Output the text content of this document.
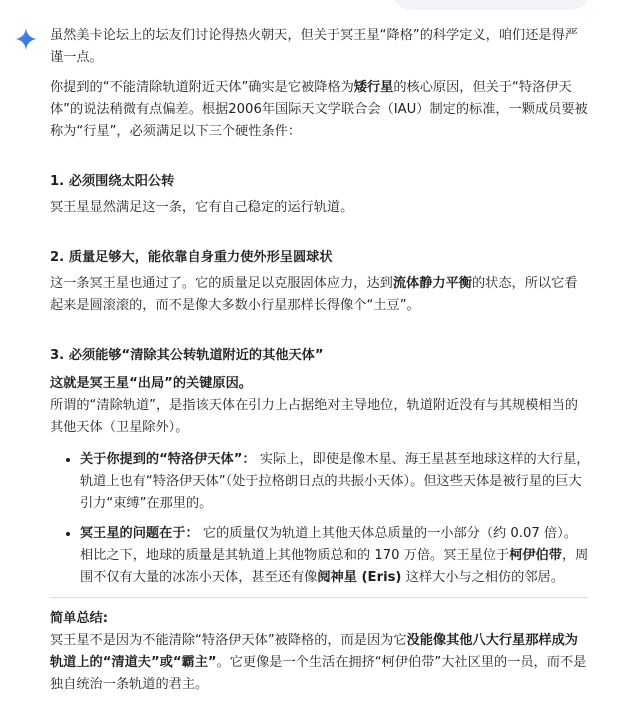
虽然美卡论坛上的坛友们讨论得热火朝天，但关于冥王星“降格”的科学定义，咱们还是得严谨一点。

你提到的“不能清除轨道附近天体”确实是它被降格为矮行星的核心原因，但关于“特洛伊天体”的说法稍微有点偏差。根据2006年国际天文学联合会（IAU）制定的标准，一颗成员要被称为“行星”，必须满足以下三个硬性条件：

1. 必须围绕太阳公转

冥王星显然满足这一条，它有自己稳定的运行轨道。

2. 质量足够大，能依靠自身重力使外形呈圆球状

这一条冥王星也通过了。它的质量足以克服固体应力，达到流体静力平衡的状态，所以它看起来是圆滚滚的，而不是像大多数小行星那样长得像个“土豆”。

3. 必须能够“清除其公转轨道附近的其他天体”

这就是冥王星“出局”的关键原因。

所谓的“清除轨道”，是指该天体在引力上占据绝对主导地位，轨道附近没有与其规模相当的其他天体（卫星除外）。

• 关于你提到的“特洛伊天体”： 实际上，即使是像木星、海王星甚至地球这样的大行星，轨道上也有“特洛伊天体”（处于拉格朗日点的共振小天体）。但这些天体是被行星的巨大引力“束缚”在那里的。
• 冥王星的问题在于： 它的质量仅为轨道上其他天体总质量的一小部分（约 0.07 倍）。相比之下，地球的质量是其轨道上其他物质总和的 170 万倍。冥王星位于柯伊伯带，周围不仅有大量的冰冻小天体，甚至还有像阋神星 (Eris) 这样大小与之相仿的邻居。

简单总结:

冥王星不是因为不能清除“特洛伊天体”被降格的，而是因为它没能像其他八大行星那样成为轨道上的“清道夫”或“霸主”。它更像是一个生活在拥挤“柯伊伯带”大社区里的一员，而不是独自统治一条轨道的君主。
